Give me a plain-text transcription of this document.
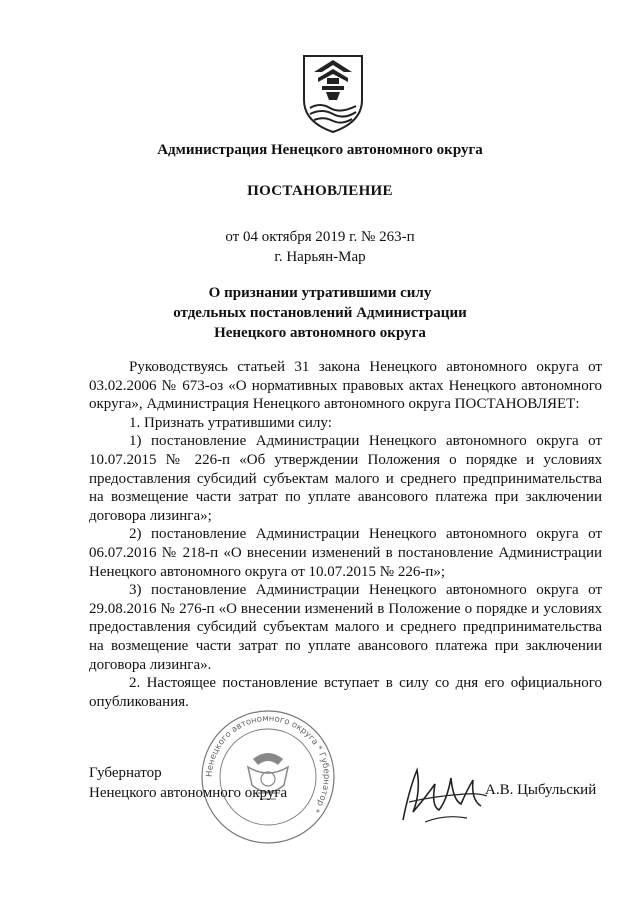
Администрация Ненецкого автономного округа
ПОСТАНОВЛЕНИЕ
от 04 октября 2019 г. № 263-п
г. Нарьян-Мар
О признании утратившими силу
отдельных постановлений Администрации
Ненецкого автономного округа

Руководствуясь статьей 31 закона Ненецкого автономного округа от 03.02.2006 № 673-оз «О нормативных правовых актах Ненецкого автономного округа», Администрация Ненецкого автономного округа ПОСТАНОВЛЯЕТ:

1. Признать утратившими силу:

1) постановление Администрации Ненецкого автономного округа от 10.07.2015 № 226-п «Об утверждении Положения о порядке и условиях предоставления субсидий субъектам малого и среднего предпринимательства на возмещение части затрат по уплате авансового платежа при заключении договора лизинга»;

2) постановление Администрации Ненецкого автономного округа от 06.07.2016 № 218-п «О внесении изменений в постановление Администрации Ненецкого автономного округа от 10.07.2015 № 226-п»;

3) постановление Администрации Ненецкого автономного округа от 29.08.2016 № 276-п «О внесении изменений в Положение о порядке и условиях предоставления субсидий субъектам малого и среднего предпринимательства на возмещение части затрат по уплате авансового платежа при заключении договора лизинга».

2. Настоящее постановление вступает в силу со дня его официального опубликования.

Ненецкого автономного округа * Губернатор *
Губернатор
Ненецкого автономного округа	А.В. Цыбульский
